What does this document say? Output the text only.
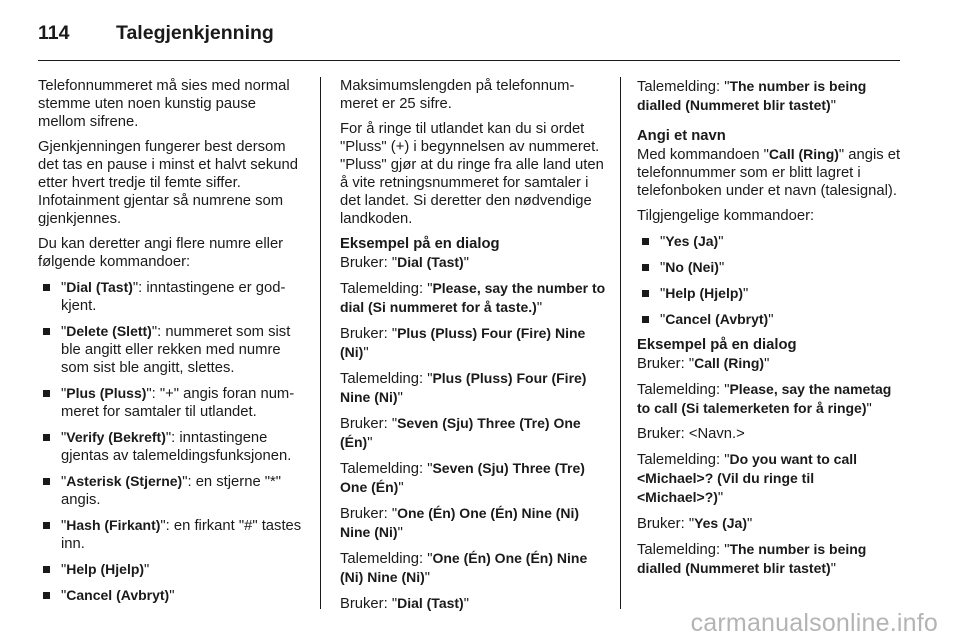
114	Talegjenkjenning

Telefonnummeret må sies med normal stemme uten noen kunstig pause mellom sifrene.

Gjenkjenningen fungerer best dersom det tas en pause i minst et halvt sekund etter hvert tredje til femte siffer. Infotainment gjentar så numrene som gjenkjennes.

Du kan deretter angi flere numre eller følgende kommandoer:

"Dial (Tast)": inntastingene er godkjent.
"Delete (Slett)": nummeret som sist ble angitt eller rekken med numre som sist ble angitt, slettes.
"Plus (Pluss)": "+" angis foran nummeret for samtaler til utlandet.
"Verify (Bekreft)": inntastingene gjentas av talemeldingsfunksjonen.
"Asterisk (Stjerne)": en stjerne "*" angis.
"Hash (Firkant)": en firkant "#" tastes inn.
"Help (Hjelp)"
"Cancel (Avbryt)"

Maksimumslengden på telefonnummeret er 25 sifre.

For å ringe til utlandet kan du si ordet "Pluss" (+) i begynnelsen av nummeret. "Pluss" gjør at du ringe fra alle land uten å vite retningsnummeret for samtaler i det landet. Si deretter den nødvendige landkoden.

Eksempel på en dialog

Bruker: "Dial (Tast)"

Talemelding: "Please, say the number to dial (Si nummeret for å taste.)"

Bruker: "Plus (Pluss) Four (Fire) Nine (Ni)"

Talemelding: "Plus (Pluss) Four (Fire) Nine (Ni)"

Bruker: "Seven (Sju) Three (Tre) One (Én)"

Talemelding: "Seven (Sju) Three (Tre) One (Én)"

Bruker: "One (Én) One (Én) Nine (Ni) Nine (Ni)"

Talemelding: "One (Én) One (Én) Nine (Ni) Nine (Ni)"

Bruker: "Dial (Tast)"

Talemelding: "The number is being dialled (Nummeret blir tastet)"

Angi et navn

Med kommandoen "Call (Ring)" angis et telefonnummer som er blitt lagret i telefonboken under et navn (talesignal).

Tilgjengelige kommandoer:

"Yes (Ja)"
"No (Nei)"
"Help (Hjelp)"
"Cancel (Avbryt)"
Eksempel på en dialog

Bruker: "Call (Ring)"

Talemelding: "Please, say the nametag to call (Si talemerketen for å ringe)"

Bruker: <Navn.>

Talemelding: "Do you want to call <Michael>? (Vil du ringe til <Michael>?)"

Bruker: "Yes (Ja)"

Talemelding: "The number is being dialled (Nummeret blir tastet)"

carmanualsonline.info
